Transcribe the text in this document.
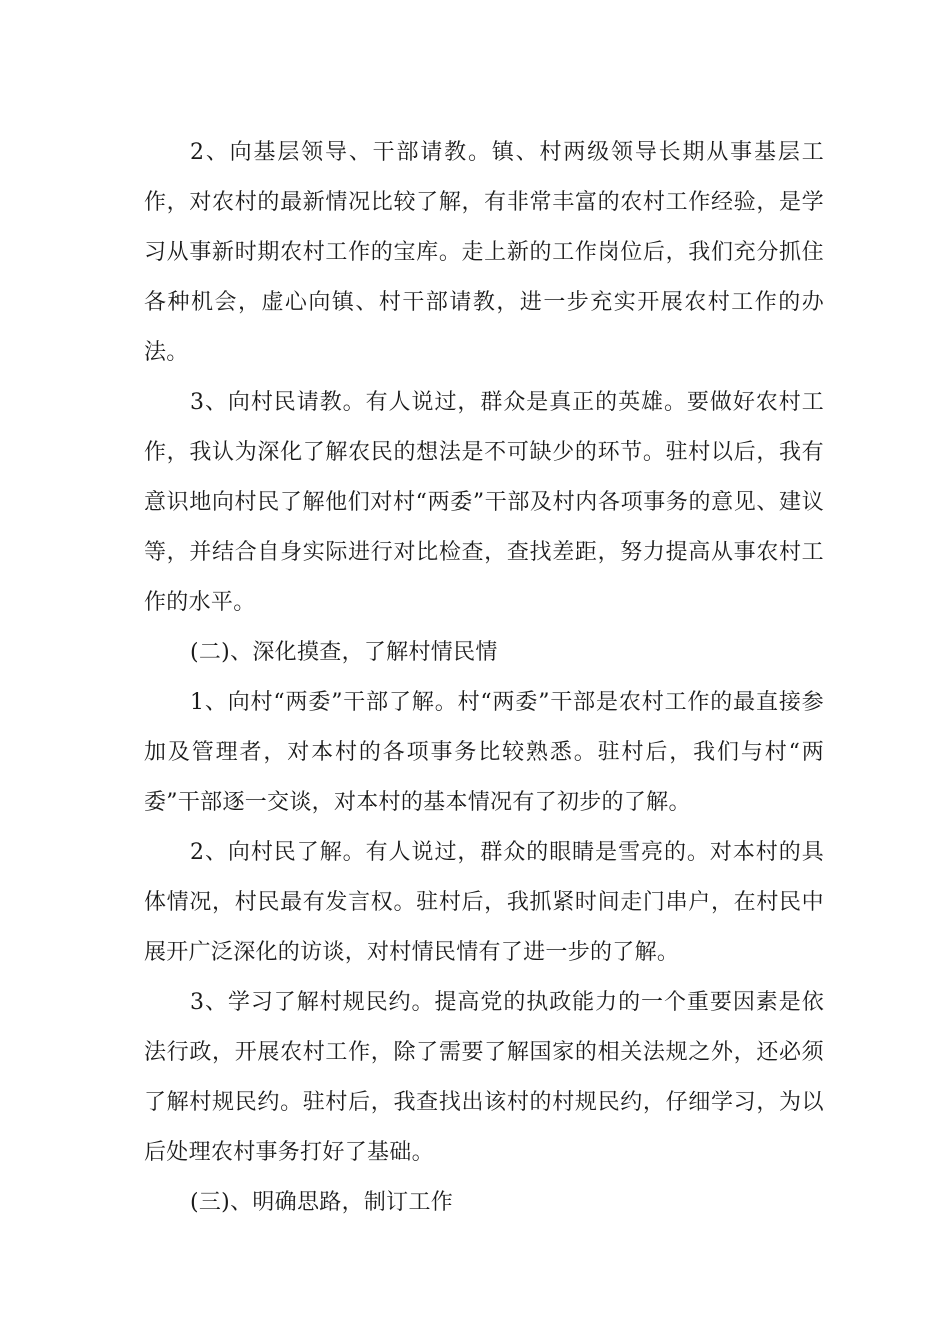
2、向基层领导、干部请教。镇、村两级领导长期从事基层工作，对农村的最新情况比较了解，有非常丰富的农村工作经验，是学习从事新时期农村工作的宝库。走上新的工作岗位后，我们充分抓住各种机会，虚心向镇、村干部请教，进一步充实开展农村工作的办法。

3、向村民请教。有人说过，群众是真正的英雄。要做好农村工作，我认为深化了解农民的想法是不可缺少的环节。驻村以后，我有意识地向村民了解他们对村“两委”干部及村内各项事务的意见、建议等，并结合自身实际进行对比检查，查找差距，努力提高从事农村工作的水平。

(二)、深化摸查，了解村情民情

1、向村“两委”干部了解。村“两委”干部是农村工作的最直接参加及管理者，对本村的各项事务比较熟悉。驻村后，我们与村“两委”干部逐一交谈，对本村的基本情况有了初步的了解。

2、向村民了解。有人说过，群众的眼睛是雪亮的。对本村的具体情况，村民最有发言权。驻村后，我抓紧时间走门串户，在村民中展开广泛深化的访谈，对村情民情有了进一步的了解。

3、学习了解村规民约。提高党的执政能力的一个重要因素是依法行政，开展农村工作，除了需要了解国家的相关法规之外，还必须了解村规民约。驻村后，我查找出该村的村规民约，仔细学习，为以后处理农村事务打好了基础。

(三)、明确思路，制订工作
